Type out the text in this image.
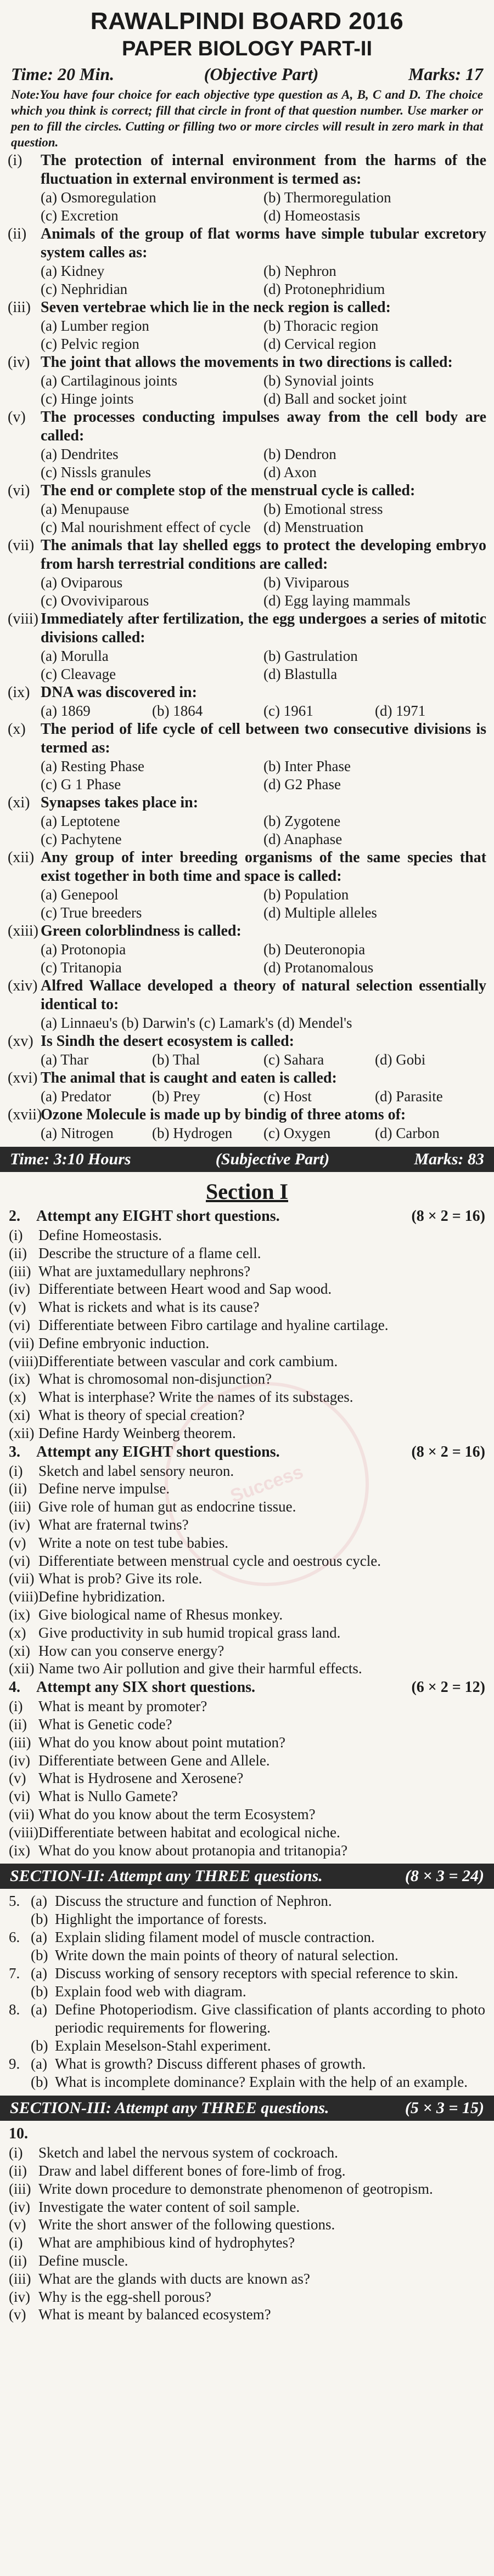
Success
RAWALPINDI BOARD 2016
PAPER BIOLOGY PART-II
Time: 20 Min.	(Objective Part)	Marks: 17
Note:You have four choice for each objective type question as A, B, C and D. The choice which you think is correct; fill that circle in front of that question number. Use marker or pen to fill the circles. Cutting or filling two or more circles will result in zero mark in that question.
(i)	The protection of internal environment from the harms of the fluctuation in external environment is termed as:
(a) Osmoregulation	(b) Thermoregulation
(c) Excretion	(d) Homeostasis
(ii) Animals of the group of flat worms have simple tubular excretory system calles as:
(a) Kidney	(b) Nephron
(c) Nephridian	(d) Protonephridium
(iii) Seven vertebrae which lie in the neck region is called:
(a) Lumber region	(b) Thoracic region
(c) Pelvic region	(d) Cervical region
(iv) The joint that allows the movements in two directions is called:
(a) Cartilaginous joints	(b) Synovial joints
(c) Hinge joints	(d) Ball and socket joint
(v) The processes conducting impulses away from the cell body are called:
(a) Dendrites	(b) Dendron
(c) Nissls granules	(d) Axon
(vi) The end or complete stop of the menstrual cycle is called:
(a) Menupause	(b) Emotional stress
(c) Mal nourishment effect of cycle (d) Menstruation
(vii) The animals that lay shelled eggs to protect the developing embryo from harsh terrestrial conditions are called:
(a) Oviparous	(b) Viviparous
(c) Ovoviviparous	(d) Egg laying mammals
(viii) Immediately after fertilization, the egg undergoes a series of mitotic divisions called:
(a) Morulla	(b) Gastrulation
(c) Cleavage	(d) Blastulla
(ix) DNA was discovered in:
(a) 1869	(b) 1864	(c) 1961	(d) 1971
(x) The period of life cycle of cell between two consecutive divisions is termed as:
(a) Resting Phase	(b) Inter Phase
(c) G 1 Phase	(d) G2 Phase
(xi) Synapses takes place in:
(a) Leptotene	(b) Zygotene
(c) Pachytene	(d) Anaphase
(xii) Any group of inter breeding organisms of the same species that exist together in both time and space is called:
(a) Genepool	(b) Population
(c) True breeders	(d) Multiple alleles
(xiii) Green colorblindness is called:
(a) Protonopia	(b) Deuteronopia
(c) Tritanopia	(d) Protanomalous
(xiv) Alfred Wallace developed a theory of natural selection essentially identical to:
(a) Linnaeu's (b) Darwin's (c) Lamark's (d) Mendel's
(xv) Is Sindh the desert ecosystem is called:
(a) Thar	(b) Thal	(c) Sahara	(d) Gobi
(xvi) The animal that is caught and eaten is called:
(a) Predator	(b) Prey	(c) Host	(d) Parasite
(xvii)
Ozone Molecule is made up by bindig of three atoms of:
(a) Nitrogen	(b) Hydrogen	(c) Oxygen	(d) Carbon
Time: 3:10 Hours	(Subjective Part)	Marks: 83
Section I
2. Attempt any EIGHT short questions.	(8 × 2 = 16)
(i)	Define Homeostasis.
(ii) Describe the structure of a flame cell.
(iii) What are juxtamedullary nephrons?
(iv) Differentiate between Heart wood and Sap wood.
(v) What is rickets and what is its cause?
(vi) Differentiate between Fibro cartilage and hyaline cartilage.
(vii) Define embryonic induction.
(viii) Differentiate between vascular and cork cambium.
(ix) What is chromosomal non-disjunction?
(x) What is interphase? Write the names of its substages.
(xi) What is theory of special creation?
(xii) Define Hardy Weinberg theorem.
3. Attempt any EIGHT short questions.	(8 × 2 = 16)
(i)	Sketch and label sensory neuron.
(ii) Define nerve impulse.
(iii) Give role of human gut as endocrine tissue.
(iv) What are fraternal twins?
(v) Write a note on test tube babies.
(vi) Differentiate between menstrual cycle and oestrous cycle.
(vii) What is prob? Give its role.
(viii) Define hybridization.
(ix) Give biological name of Rhesus monkey.
(x) Give productivity in sub humid tropical grass land.
(xi) How can you conserve energy?
(xii) Name two Air pollution and give their harmful effects.
4. Attempt any SIX short questions.	(6 × 2 = 12)
(i)	What is meant by promoter?
(ii) What is Genetic code?
(iii) What do you know about point mutation?
(iv) Differentiate between Gene and Allele.
(v) What is Hydrosene and Xerosene?
(vi) What is Nullo Gamete?
(vii) What do you know about the term Ecosystem?
(viii) Differentiate between habitat and ecological niche.
(ix) What do you know about protanopia and tritanopia?
SECTION-II: Attempt any THREE questions.	(8 × 3 = 24)
5. (a) Discuss the structure and function of Nephron.
(b) Highlight the importance of forests.
6. (a) Explain sliding filament model of muscle contraction.
(b) Write down the main points of theory of natural selection.
7. (a) Discuss working of sensory receptors with special reference to skin.
(b) Explain food web with diagram.
8. (a) Define Photoperiodism. Give classification of plants according to photo periodic requirements for flowering.
(b) Explain Meselson-Stahl experiment.
9. (a) What is growth? Discuss different phases of growth.
(b) What is incomplete dominance? Explain with the help of an example.
SECTION-III: Attempt any THREE questions.	(5 × 3 = 15)
10.
(i)	Sketch and label the nervous system of cockroach.
(ii) Draw and label different bones of fore-limb of frog.
(iii) Write down procedure to demonstrate phenomenon of geotropism.
(iv) Investigate the water content of soil sample.
(v) Write the short answer of the following questions.
(i)	What are amphibious kind of hydrophytes?
(ii) Define muscle.
(iii) What are the glands with ducts are known as?
(iv) Why is the egg-shell porous?
(v) What is meant by balanced ecosystem?
